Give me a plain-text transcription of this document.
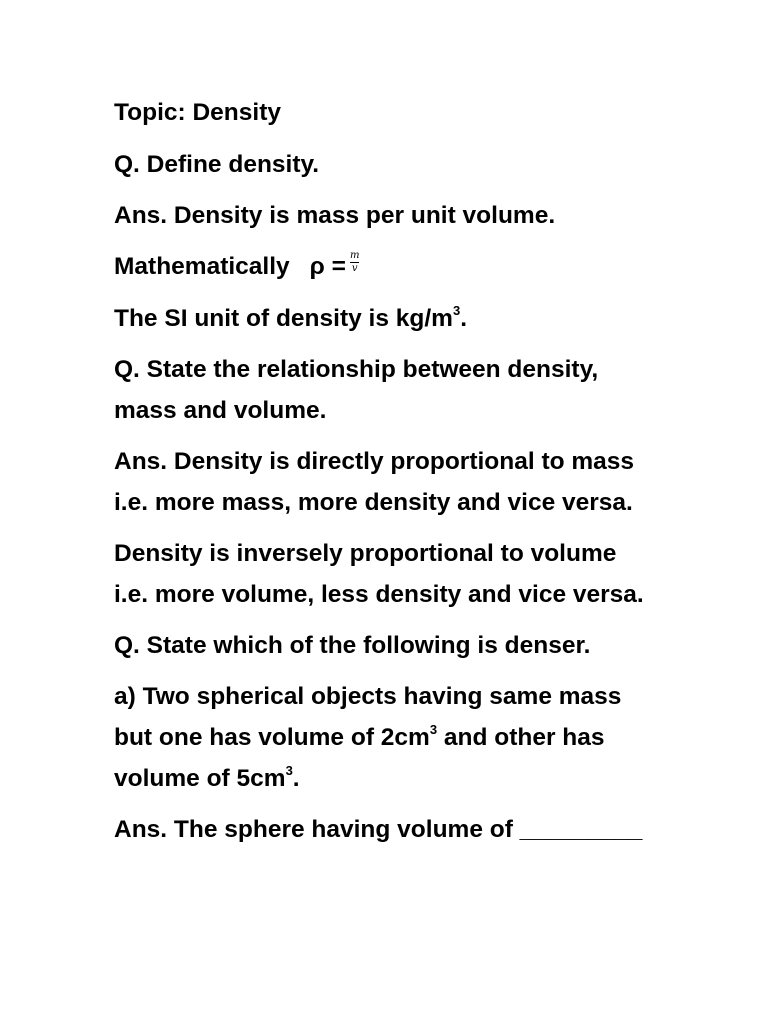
Topic: Density

Q. Define density.

Ans. Density is mass per unit volume.

Mathematically $\rho = \frac{m}{v}$

The SI unit of density is $kg/m^3$.

Q. State the relationship between density,

mass and volume.

Ans. Density is directly proportional to mass

i.e. more mass, more density and vice versa.

Density is inversely proportional to volume

i.e. more volume, less density and vice versa.

Q. State which of the following is denser.

a) Two spherical objects having same mass

but one has volume of $2cm^3$ and other has

volume of $5cm^3$.

Ans. The sphere having volume of _________
